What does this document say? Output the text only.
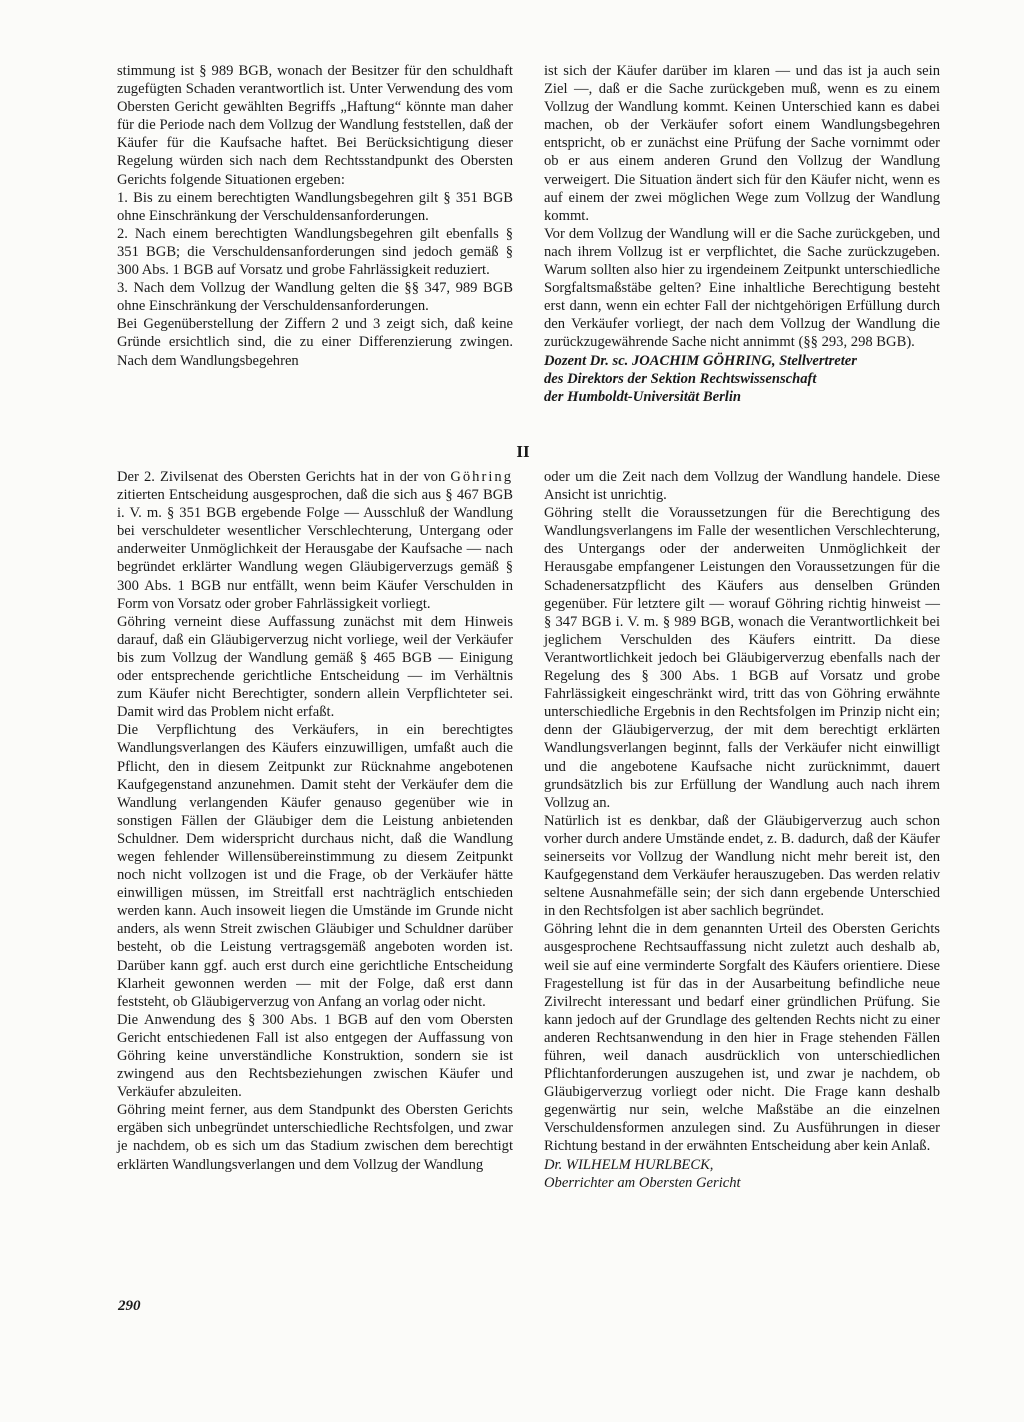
stimmung ist § 989 BGB, wonach der Besitzer für den schuldhaft zugefügten Schaden verantwortlich ist. Unter Verwendung des vom Obersten Gericht gewählten Begriffs „Haftung“ könnte man daher für die Periode nach dem Vollzug der Wandlung feststellen, daß der Käufer für die Kaufsache haftet. Bei Berücksichtigung dieser Regelung würden sich nach dem Rechtsstandpunkt des Obersten Gerichts folgende Situationen ergeben:

1. Bis zu einem berechtigten Wandlungsbegehren gilt § 351 BGB ohne Einschränkung der Verschuldensanforderungen.

2. Nach einem berechtigten Wandlungsbegehren gilt ebenfalls § 351 BGB; die Verschuldensanforderungen sind jedoch gemäß § 300 Abs. 1 BGB auf Vorsatz und grobe Fahrlässigkeit reduziert.

3. Nach dem Vollzug der Wandlung gelten die §§ 347, 989 BGB ohne Einschränkung der Verschuldensanforderungen.

Bei Gegenüberstellung der Ziffern 2 und 3 zeigt sich, daß keine Gründe ersichtlich sind, die zu einer Differenzierung zwingen. Nach dem Wandlungsbegehren

ist sich der Käufer darüber im klaren — und das ist ja auch sein Ziel —, daß er die Sache zurückgeben muß, wenn es zu einem Vollzug der Wandlung kommt. Keinen Unterschied kann es dabei machen, ob der Verkäufer sofort einem Wandlungsbegehren entspricht, ob er zunächst eine Prüfung der Sache vornimmt oder ob er aus einem anderen Grund den Vollzug der Wandlung verweigert. Die Situation ändert sich für den Käufer nicht, wenn es auf einem der zwei möglichen Wege zum Vollzug der Wandlung kommt.

Vor dem Vollzug der Wandlung will er die Sache zurückgeben, und nach ihrem Vollzug ist er verpflichtet, die Sache zurückzugeben. Warum sollten also hier zu irgendeinem Zeitpunkt unterschiedliche Sorgfaltsmaßstäbe gelten? Eine inhaltliche Berechtigung besteht erst dann, wenn ein echter Fall der nichtgehörigen Erfüllung durch den Verkäufer vorliegt, der nach dem Vollzug der Wandlung die zurückzugewährende Sache nicht annimmt (§§ 293, 298 BGB).

Dozent Dr. sc. JOACHIM GÖHRING, Stellvertreter

des Direktors der Sektion Rechtswissenschaft

der Humboldt-Universität Berlin

II

Der 2. Zivilsenat des Obersten Gerichts hat in der von Göhring zitierten Entscheidung ausgesprochen, daß die sich aus § 467 BGB i. V. m. § 351 BGB ergebende Folge — Ausschluß der Wandlung bei verschuldeter wesentlicher Verschlechterung, Untergang oder anderweiter Unmöglichkeit der Herausgabe der Kaufsache — nach begründet erklärter Wandlung wegen Gläubigerverzugs gemäß § 300 Abs. 1 BGB nur entfällt, wenn beim Käufer Verschulden in Form von Vorsatz oder grober Fahrlässigkeit vorliegt.

Göhring verneint diese Auffassung zunächst mit dem Hinweis darauf, daß ein Gläubigerverzug nicht vorliege, weil der Verkäufer bis zum Vollzug der Wandlung gemäß § 465 BGB — Einigung oder entsprechende gerichtliche Entscheidung — im Verhältnis zum Käufer nicht Berechtigter, sondern allein Verpflichteter sei. Damit wird das Problem nicht erfaßt.

Die Verpflichtung des Verkäufers, in ein berechtigtes Wandlungsverlangen des Käufers einzuwilligen, umfaßt auch die Pflicht, den in diesem Zeitpunkt zur Rücknahme angebotenen Kaufgegenstand anzunehmen. Damit steht der Verkäufer dem die Wandlung verlangenden Käufer genauso gegenüber wie in sonstigen Fällen der Gläubiger dem die Leistung anbietenden Schuldner. Dem widerspricht durchaus nicht, daß die Wandlung wegen fehlender Willensübereinstimmung zu diesem Zeitpunkt noch nicht vollzogen ist und die Frage, ob der Verkäufer hätte einwilligen müssen, im Streitfall erst nachträglich entschieden werden kann. Auch insoweit liegen die Umstände im Grunde nicht anders, als wenn Streit zwischen Gläubiger und Schuldner darüber besteht, ob die Leistung vertragsgemäß angeboten worden ist. Darüber kann ggf. auch erst durch eine gerichtliche Entscheidung Klarheit gewonnen werden — mit der Folge, daß erst dann feststeht, ob Gläubigerverzug von Anfang an vorlag oder nicht.

Die Anwendung des § 300 Abs. 1 BGB auf den vom Obersten Gericht entschiedenen Fall ist also entgegen der Auffassung von Göhring keine unverständliche Konstruktion, sondern sie ist zwingend aus den Rechtsbeziehungen zwischen Käufer und Verkäufer abzuleiten.

Göhring meint ferner, aus dem Standpunkt des Obersten Gerichts ergäben sich unbegründet unterschiedliche Rechtsfolgen, und zwar je nachdem, ob es sich um das Stadium zwischen dem berechtigt erklärten Wandlungsverlangen und dem Vollzug der Wandlung

oder um die Zeit nach dem Vollzug der Wandlung handele. Diese Ansicht ist unrichtig.

Göhring stellt die Voraussetzungen für die Berechtigung des Wandlungsverlangens im Falle der wesentlichen Verschlechterung, des Untergangs oder der anderweiten Unmöglichkeit der Herausgabe empfangener Leistungen den Voraussetzungen für die Schadenersatzpflicht des Käufers aus denselben Gründen gegenüber. Für letztere gilt — worauf Göhring richtig hinweist — § 347 BGB i. V. m. § 989 BGB, wonach die Verantwortlichkeit bei jeglichem Verschulden des Käufers eintritt. Da diese Verantwortlichkeit jedoch bei Gläubigerverzug ebenfalls nach der Regelung des § 300 Abs. 1 BGB auf Vorsatz und grobe Fahrlässigkeit eingeschränkt wird, tritt das von Göhring erwähnte unterschiedliche Ergebnis in den Rechtsfolgen im Prinzip nicht ein; denn der Gläubigerverzug, der mit dem berechtigt erklärten Wandlungsverlangen beginnt, falls der Verkäufer nicht einwilligt und die angebotene Kaufsache nicht zurücknimmt, dauert grundsätzlich bis zur Erfüllung der Wandlung auch nach ihrem Vollzug an.

Natürlich ist es denkbar, daß der Gläubigerverzug auch schon vorher durch andere Umstände endet, z. B. dadurch, daß der Käufer seinerseits vor Vollzug der Wandlung nicht mehr bereit ist, den Kaufgegenstand dem Verkäufer herauszugeben. Das werden relativ seltene Ausnahmefälle sein; der sich dann ergebende Unterschied in den Rechtsfolgen ist aber sachlich begründet.

Göhring lehnt die in dem genannten Urteil des Obersten Gerichts ausgesprochene Rechtsauffassung nicht zuletzt auch deshalb ab, weil sie auf eine verminderte Sorgfalt des Käufers orientiere. Diese Fragestellung ist für das in der Ausarbeitung befindliche neue Zivilrecht interessant und bedarf einer gründlichen Prüfung. Sie kann jedoch auf der Grundlage des geltenden Rechts nicht zu einer anderen Rechtsanwendung in den hier in Frage stehenden Fällen führen, weil danach ausdrücklich von unterschiedlichen Pflichtanforderungen auszugehen ist, und zwar je nachdem, ob Gläubigerverzug vorliegt oder nicht. Die Frage kann deshalb gegenwärtig nur sein, welche Maßstäbe an die einzelnen Verschuldensformen anzulegen sind. Zu Ausführungen in dieser Richtung bestand in der erwähnten Entscheidung aber kein Anlaß.

Dr. WILHELM HURLBECK,

Oberrichter am Obersten Gericht

290
